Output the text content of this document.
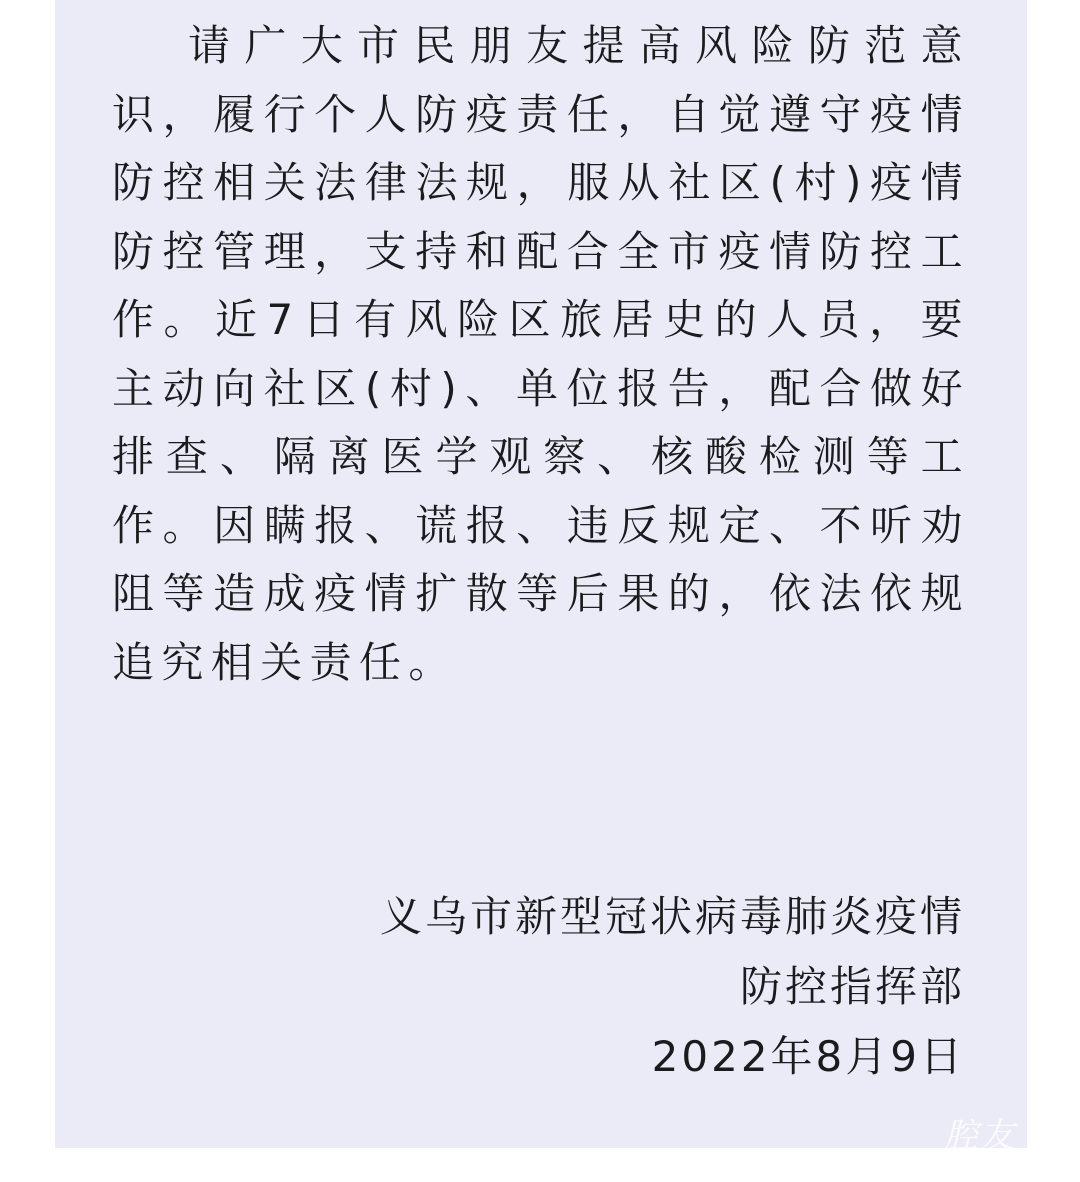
请广大市民朋友提高风险防范意识，履行个人防疫责任，自觉遵守疫情防控相关法律法规，服从社区(村)疫情防控管理，支持和配合全市疫情防控工作。近7日有风险区旅居史的人员，要主动向社区(村)、单位报告，配合做好排查、隔离医学观察、核酸检测等工作。因瞒报、谎报、违反规定、不听劝阻等造成疫情扩散等后果的，依法依规追究相关责任。

义乌市新型冠状病毒肺炎疫情
防控指挥部
2022年8月9日
腔友
